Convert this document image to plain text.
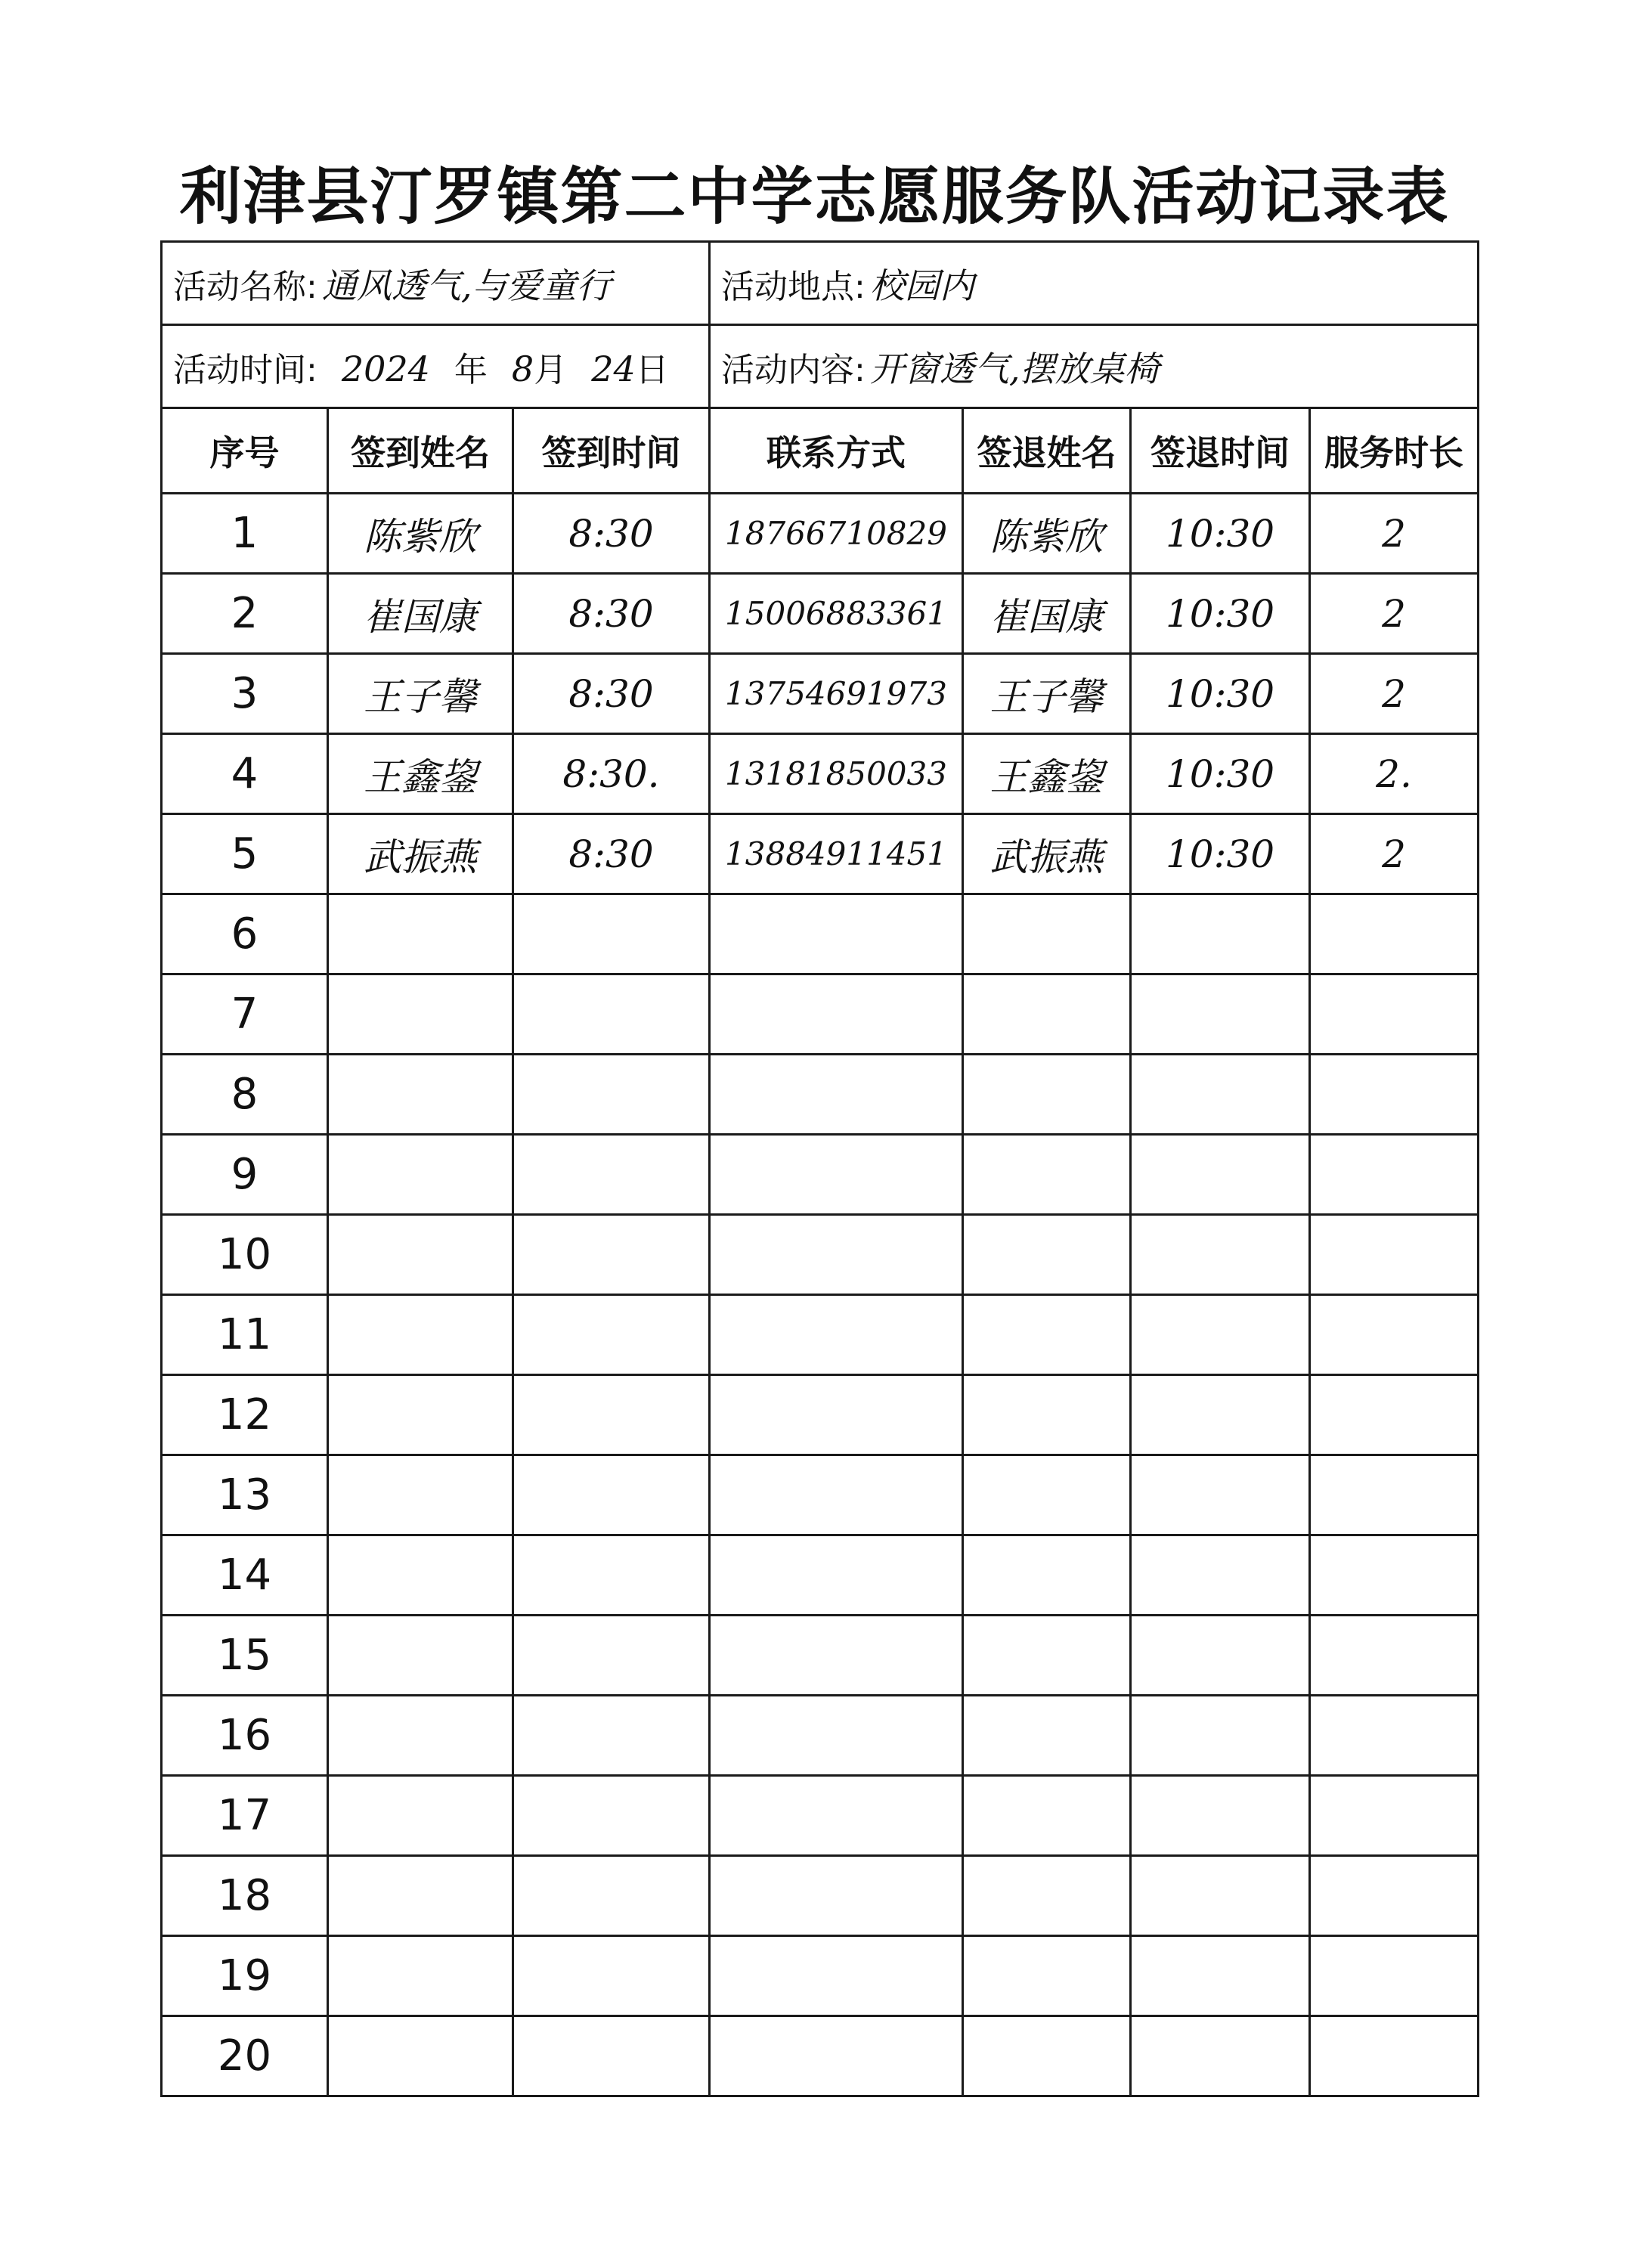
利津县汀罗镇第二中学志愿服务队活动记录表
活动名称: 通风透气,与爱童行			活动地点: 校园内			
活动时间: 2024 年 8月 24日			活动内容: 开窗透气,摆放桌椅			
序号	签到姓名	签到时间	联系方式	签退姓名	签退时间	服务时长
1	陈紫欣	8:30	18766710829	陈紫欣	10:30	2
2	崔国康	8:30	15006883361	崔国康	10:30	2
3	王子馨	8:30	13754691973	王子馨	10:30	2
4	王鑫鋆	8:30.	13181850033	王鑫鋆	10:30	2.
5	武振燕	8:30	13884911451	武振燕	10:30	2
6						
7						
8						
9						
10						
11						
12						
13						
14						
15						
16						
17						
18						
19						
20						
